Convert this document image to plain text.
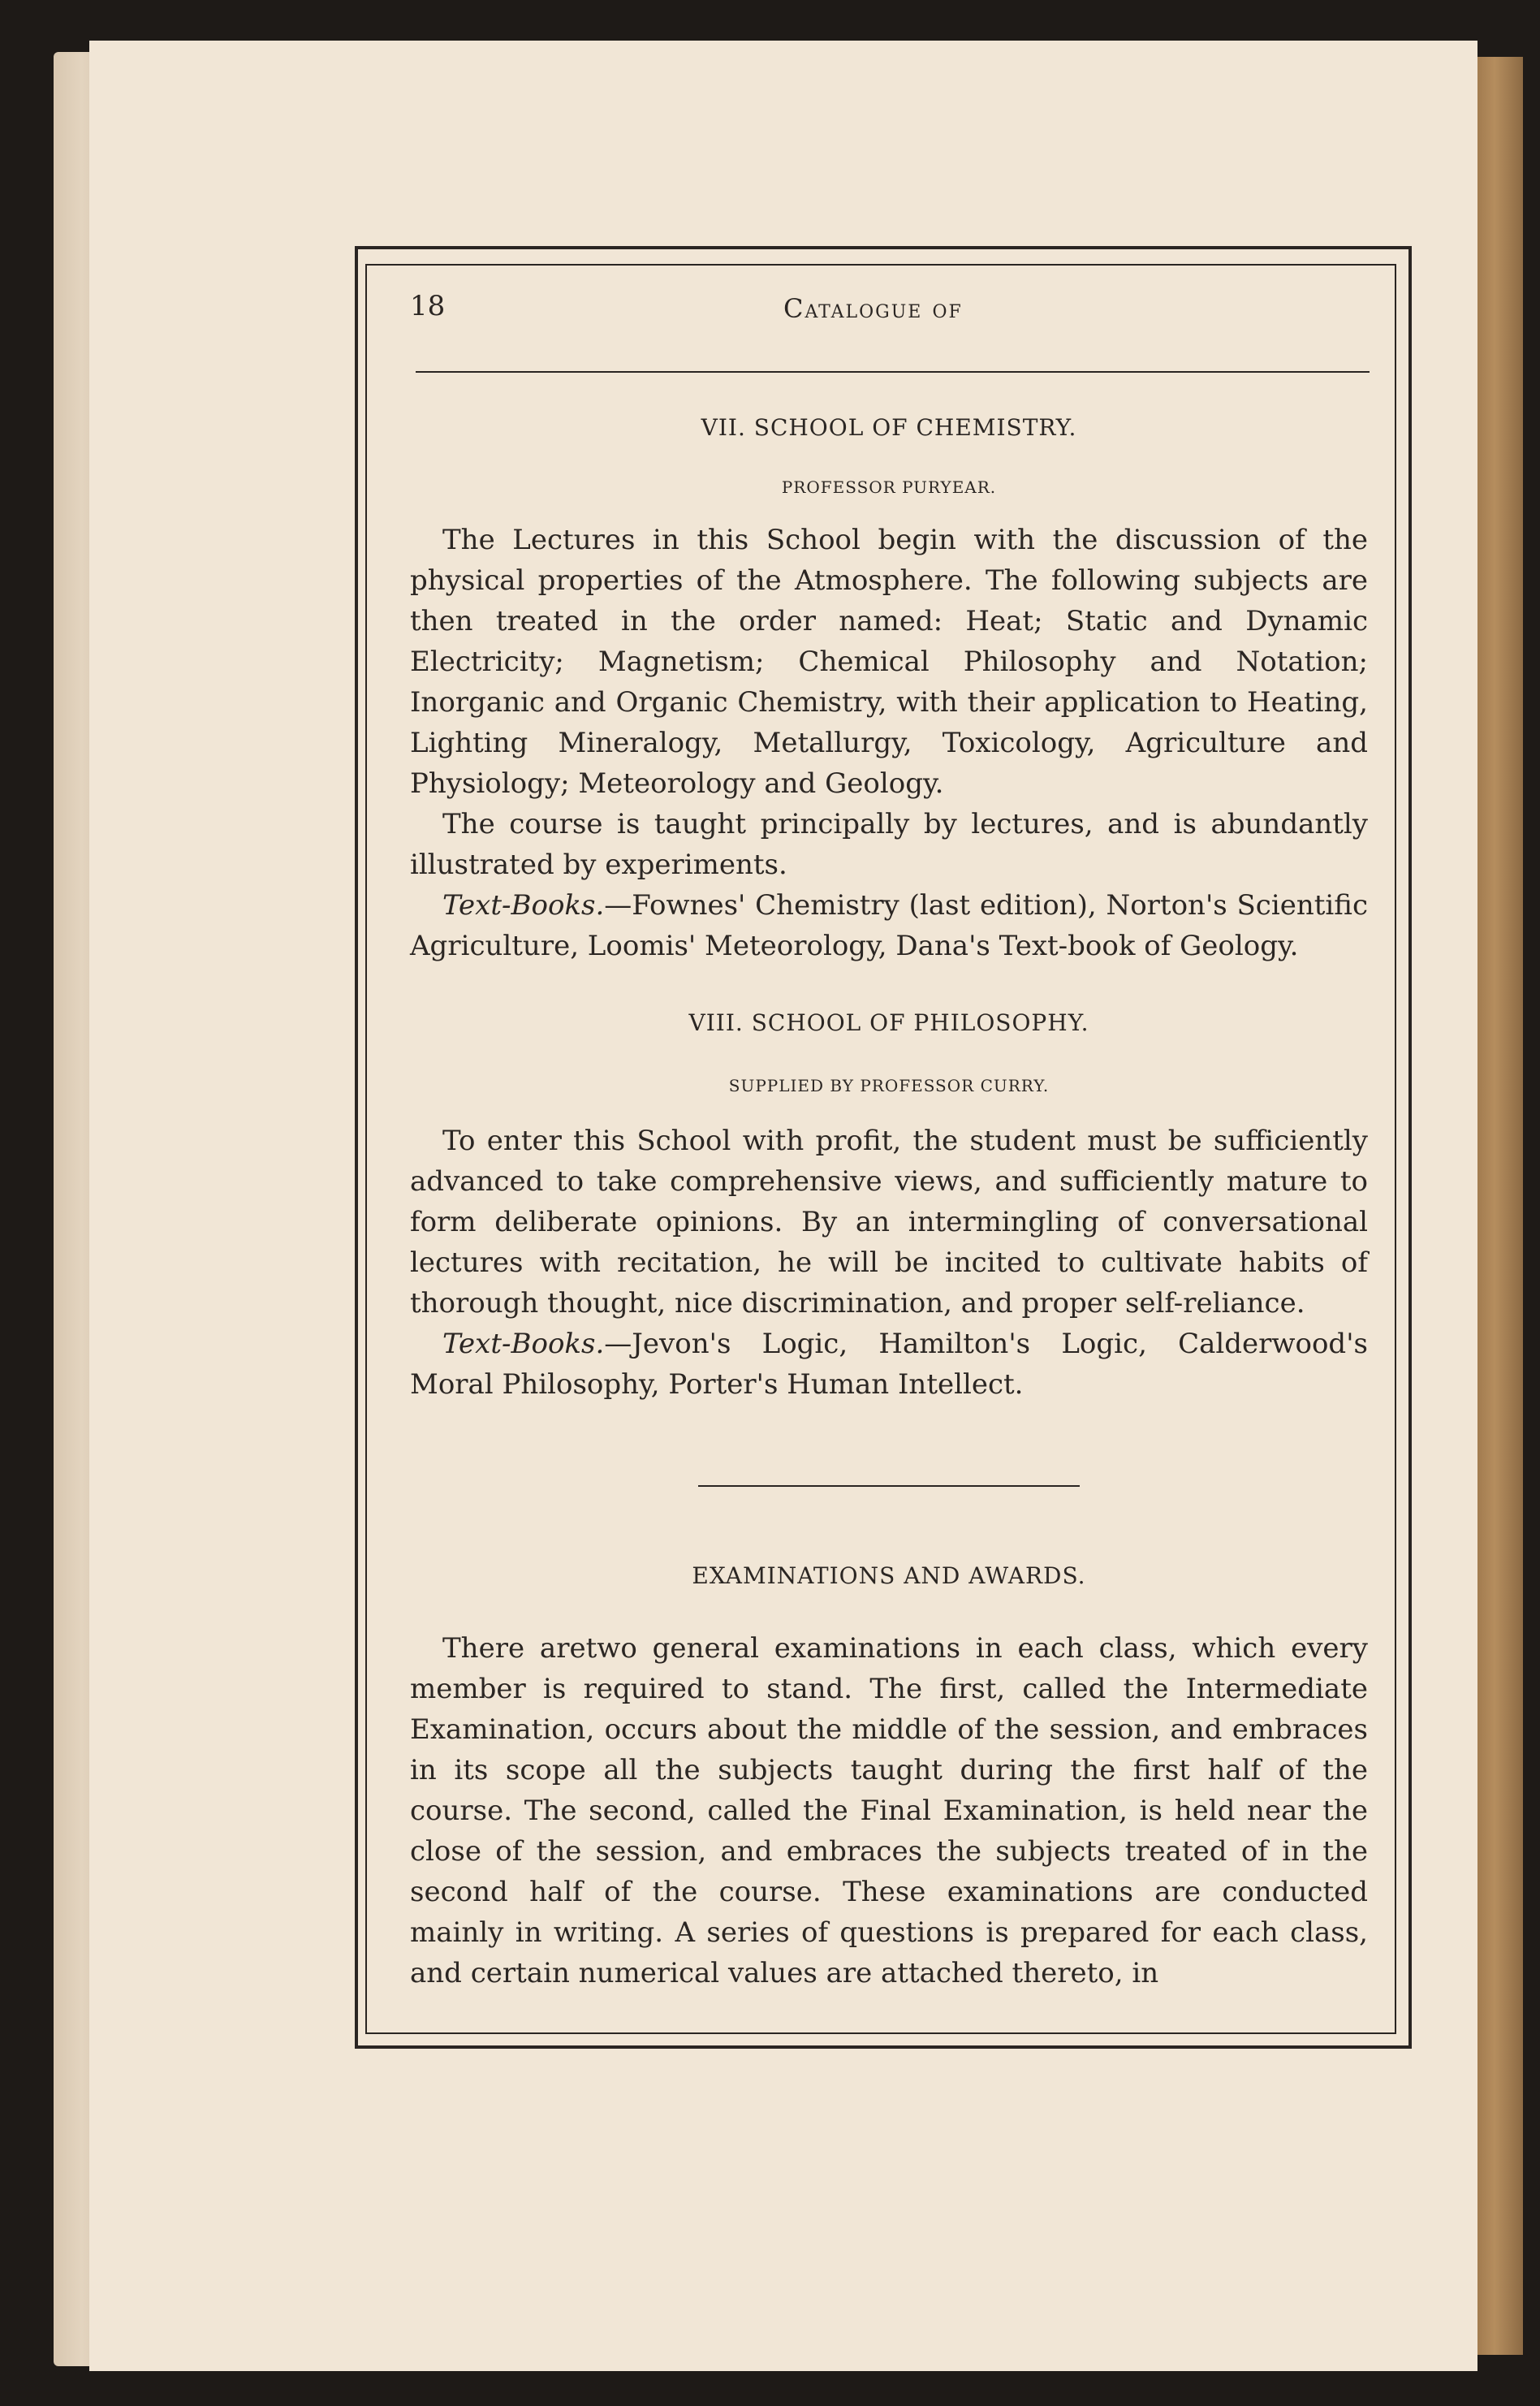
18	Catalogue of
VII. SCHOOL OF CHEMISTRY.
PROFESSOR PURYEAR.

The Lectures in this School begin with the discussion of the physical properties of the Atmosphere. The following subjects are then treated in the order named: Heat; Static and Dynamic Electricity; Magnetism; Chemical Philosophy and Notation; Inorganic and Organic Chemistry, with their application to Heating, Lighting Mineralogy, Metallurgy, Toxicology, Agriculture and Physiology; Meteorology and Geology.

The course is taught principally by lectures, and is abundantly illustrated by experiments.

Text-Books.—Fownes' Chemistry (last edition), Norton's Scientific Agriculture, Loomis' Meteorology, Dana's Text-book of Geology.

VIII. SCHOOL OF PHILOSOPHY.
SUPPLIED BY PROFESSOR CURRY.

To enter this School with profit, the student must be sufficiently advanced to take comprehensive views, and sufficiently mature to form deliberate opinions. By an intermingling of conversational lectures with recitation, he will be incited to cultivate habits of thorough thought, nice discrimination, and proper self-reliance.

Text-Books.—Jevon's Logic, Hamilton's Logic, Calderwood's Moral Philosophy, Porter's Human Intellect.

EXAMINATIONS AND AWARDS.

There aretwo general examinations in each class, which every member is required to stand. The first, called the Intermediate Examination, occurs about the middle of the session, and embraces in its scope all the subjects taught during the first half of the course. The second, called the Final Examination, is held near the close of the session, and embraces the subjects treated of in the second half of the course. These examinations are conducted mainly in writing. A series of questions is prepared for each class, and certain numerical values are attached thereto, in
